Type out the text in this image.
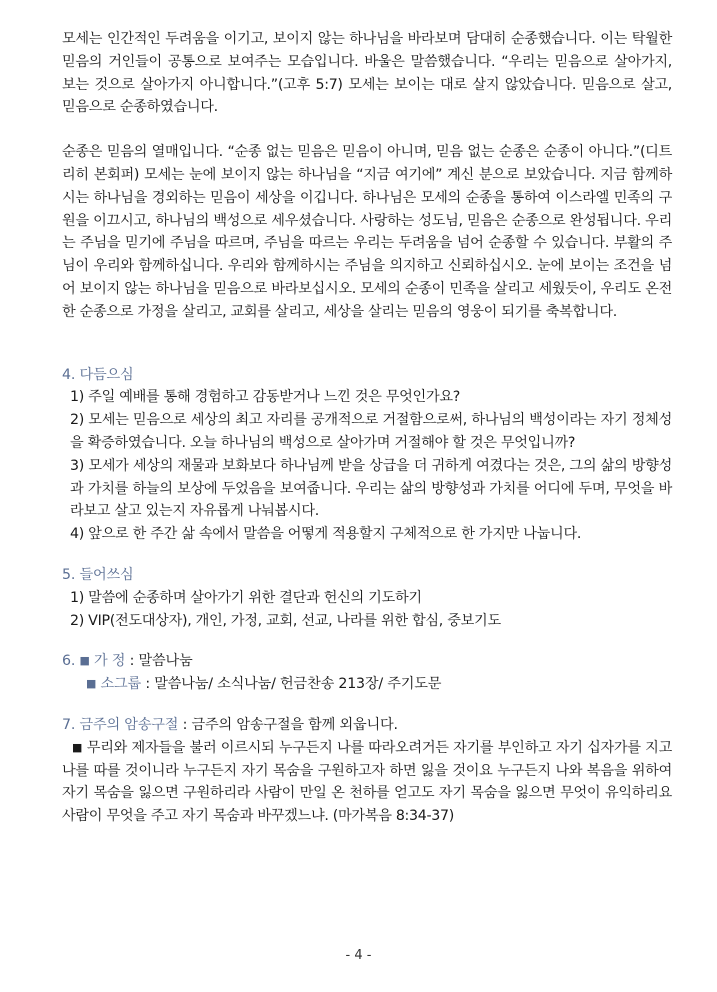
모세는 인간적인 두려움을 이기고, 보이지 않는 하나님을 바라보며 담대히 순종했습니다. 이는 탁월한 믿음의 거인들이 공통으로 보여주는 모습입니다. 바울은 말씀했습니다. “우리는 믿음으로 살아가지, 보는 것으로 살아가지 아니합니다.”(고후 5:7) 모세는 보이는 대로 살지 않았습니다. 믿음으로 살고, 믿음으로 순종하였습니다.

순종은 믿음의 열매입니다. “순종 없는 믿음은 믿음이 아니며, 믿음 없는 순종은 순종이 아니다.”(디트리히 본회퍼) 모세는 눈에 보이지 않는 하나님을 “지금 여기에” 계신 분으로 보았습니다. 지금 함께하시는 하나님을 경외하는 믿음이 세상을 이깁니다. 하나님은 모세의 순종을 통하여 이스라엘 민족의 구원을 이끄시고, 하나님의 백성으로 세우셨습니다. 사랑하는 성도님, 믿음은 순종으로 완성됩니다. 우리는 주님을 믿기에 주님을 따르며, 주님을 따르는 우리는 두려움을 넘어 순종할 수 있습니다. 부활의 주님이 우리와 함께하십니다. 우리와 함께하시는 주님을 의지하고 신뢰하십시오. 눈에 보이는 조건을 넘어 보이지 않는 하나님을 믿음으로 바라보십시오. 모세의 순종이 민족을 살리고 세웠듯이, 우리도 온전한 순종으로 가정을 살리고, 교회를 살리고, 세상을 살리는 믿음의 영웅이 되기를 축복합니다.

4. 다듬으심

1) 주일 예배를 통해 경험하고 감동받거나 느낀 것은 무엇인가요?

2) 모세는 믿음으로 세상의 최고 자리를 공개적으로 거절함으로써, 하나님의 백성이라는 자기 정체성을 확증하였습니다. 오늘 하나님의 백성으로 살아가며 거절해야 할 것은 무엇입니까?

3) 모세가 세상의 재물과 보화보다 하나님께 받을 상급을 더 귀하게 여겼다는 것은, 그의 삶의 방향성과 가치를 하늘의 보상에 두었음을 보여줍니다. 우리는 삶의 방향성과 가치를 어디에 두며, 무엇을 바라보고 살고 있는지 자유롭게 나눠봅시다.

4) 앞으로 한 주간 삶 속에서 말씀을 어떻게 적용할지 구체적으로 한 가지만 나눕니다.

5. 들어쓰심

1) 말씀에 순종하며 살아가기 위한 결단과 헌신의 기도하기

2) VIP(전도대상자), 개인, 가정, 교회, 선교, 나라를 위한 합심, 중보기도

6. ■ 가 정 : 말씀나눔

■ 소그룹 : 말씀나눔/ 소식나눔/ 헌금찬송 213장/ 주기도문

7. 금주의 암송구절 : 금주의 암송구절을 함께 외웁니다.

■ 무리와 제자들을 불러 이르시되 누구든지 나를 따라오려거든 자기를 부인하고 자기 십자가를 지고 나를 따를 것이니라 누구든지 자기 목숨을 구원하고자 하면 잃을 것이요 누구든지 나와 복음을 위하여 자기 목숨을 잃으면 구원하리라 사람이 만일 온 천하를 얻고도 자기 목숨을 잃으면 무엇이 유익하리요 사람이 무엇을 주고 자기 목숨과 바꾸겠느냐. (마가복음 8:34-37)

- 4 -
